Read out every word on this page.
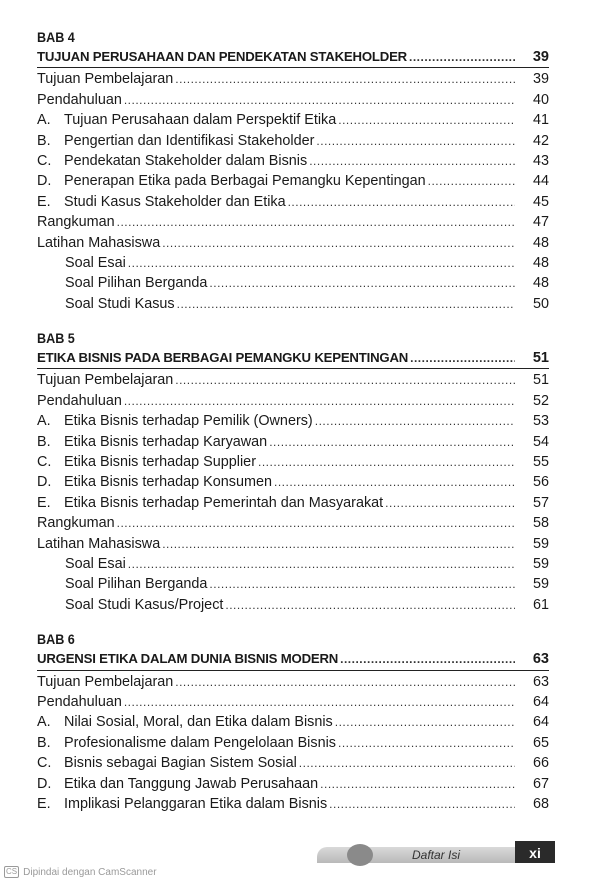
BAB 4
TUJUAN PERUSAHAAN DAN PENDEKATAN STAKEHOLDER .....	39
Tujuan Pembelajaran .....	39
Pendahuluan .....	40
A. Tujuan Perusahaan dalam Perspektif Etika .....	41
B. Pengertian dan Identifikasi Stakeholder .....	42
C. Pendekatan Stakeholder dalam Bisnis .....	43
D. Penerapan Etika pada Berbagai Pemangku Kepentingan .....	44
E. Studi Kasus Stakeholder dan Etika .....	45
Rangkuman .....	47
Latihan Mahasiswa .....	48
Soal Esai .....	48
Soal Pilihan Berganda .....	48
Soal Studi Kasus .....	50
BAB 5
ETIKA BISNIS PADA BERBAGAI PEMANGKU KEPENTINGAN .....	51
Tujuan Pembelajaran .....	51
Pendahuluan .....	52
A. Etika Bisnis terhadap Pemilik (Owners) .....	53
B. Etika Bisnis terhadap Karyawan .....	54
C. Etika Bisnis terhadap Supplier .....	55
D. Etika Bisnis terhadap Konsumen .....	56
E. Etika Bisnis terhadap Pemerintah dan Masyarakat .....	57
Rangkuman .....	58
Latihan Mahasiswa .....	59
Soal Esai .....	59
Soal Pilihan Berganda .....	59
Soal Studi Kasus/Project .....	61
BAB 6
URGENSI ETIKA DALAM DUNIA BISNIS MODERN .....	63
Tujuan Pembelajaran .....	63
Pendahuluan .....	64
A. Nilai Sosial, Moral, dan Etika dalam Bisnis .....	64
B. Profesionalisme dalam Pengelolaan Bisnis .....	65
C. Bisnis sebagai Bagian Sistem Sosial .....	66
D. Etika dan Tanggung Jawab Perusahaan .....	67
E. Implikasi Pelanggaran Etika dalam Bisnis .....	68
Daftar Isi	xi
CS Dipindai dengan CamScanner
